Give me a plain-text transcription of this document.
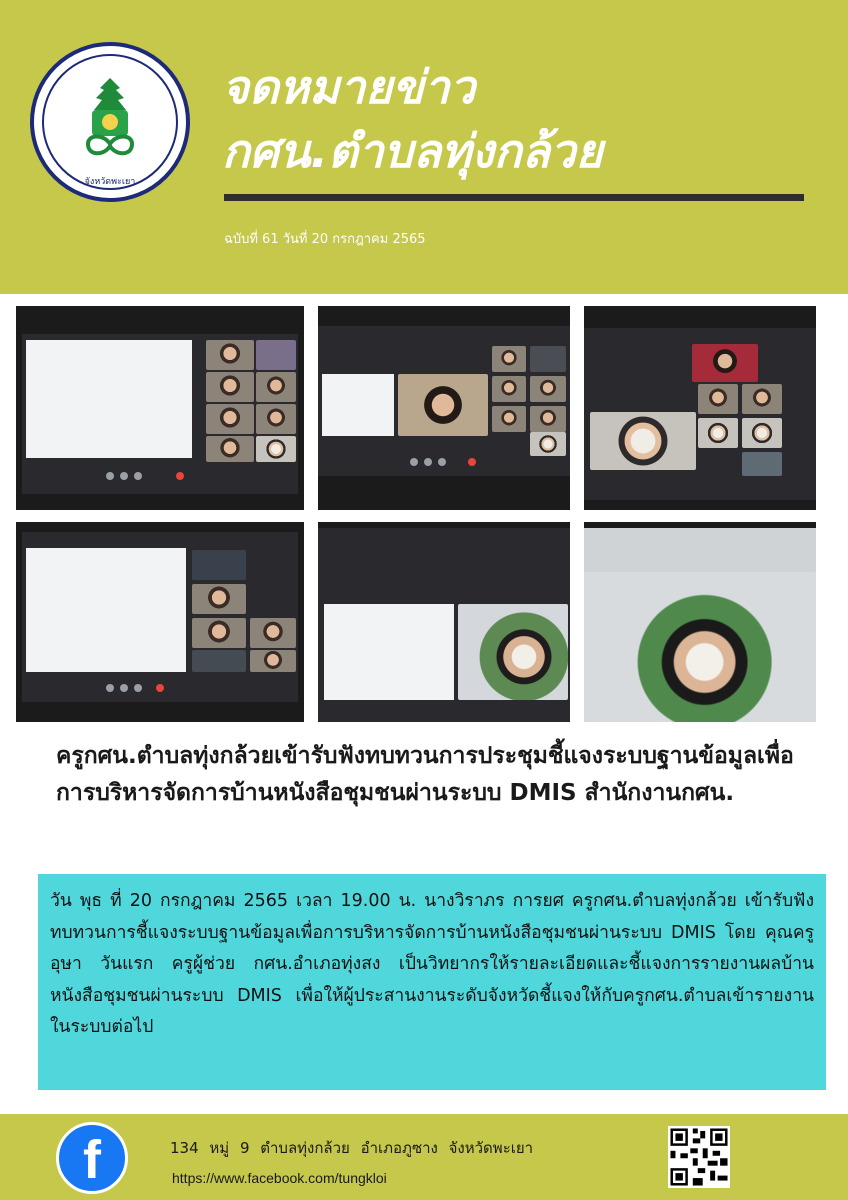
จังหวัดพะเยา
จดหมายข่าว
กศน.ตำบลทุ่งกล้วย
ฉบับที่ 61 วันที่ 20 กรกฎาคม 2565
ครูกศน.ตำบลทุ่งกล้วยเข้ารับฟังทบทวนการประชุมชี้แจงระบบฐานข้อมูลเพื่อการบริหารจัดการบ้านหนังสือชุมชนผ่านระบบ DMIS สำนักงานกศน.
วัน พุธ ที่ 20 กรกฎาคม 2565 เวลา 19.00 น. นางวิราภร การยศ ครูกศน.ตำบลทุ่งกล้วย เข้ารับฟังทบทวนการชี้แจงระบบฐานข้อมูลเพื่อการบริหารจัดการบ้านหนังสือชุมชนผ่านระบบ DMIS โดย คุณครู อุษา วันแรก ครูผู้ช่วย กศน.อำเภอทุ่งสง เป็นวิทยากรให้รายละเอียดและชี้แจงการรายงานผลบ้านหนังสือชุมชนผ่านระบบ DMIS เพื่อให้ผู้ประสานงานระดับจังหวัดชี้แจงให้กับครูกศน.ตำบลเข้ารายงานในระบบต่อไป
f	134 หมู่ 9 ตำบลทุ่งกล้วย อำเภอภูซาง จังหวัดพะเยา
https://www.facebook.com/tungkloi
